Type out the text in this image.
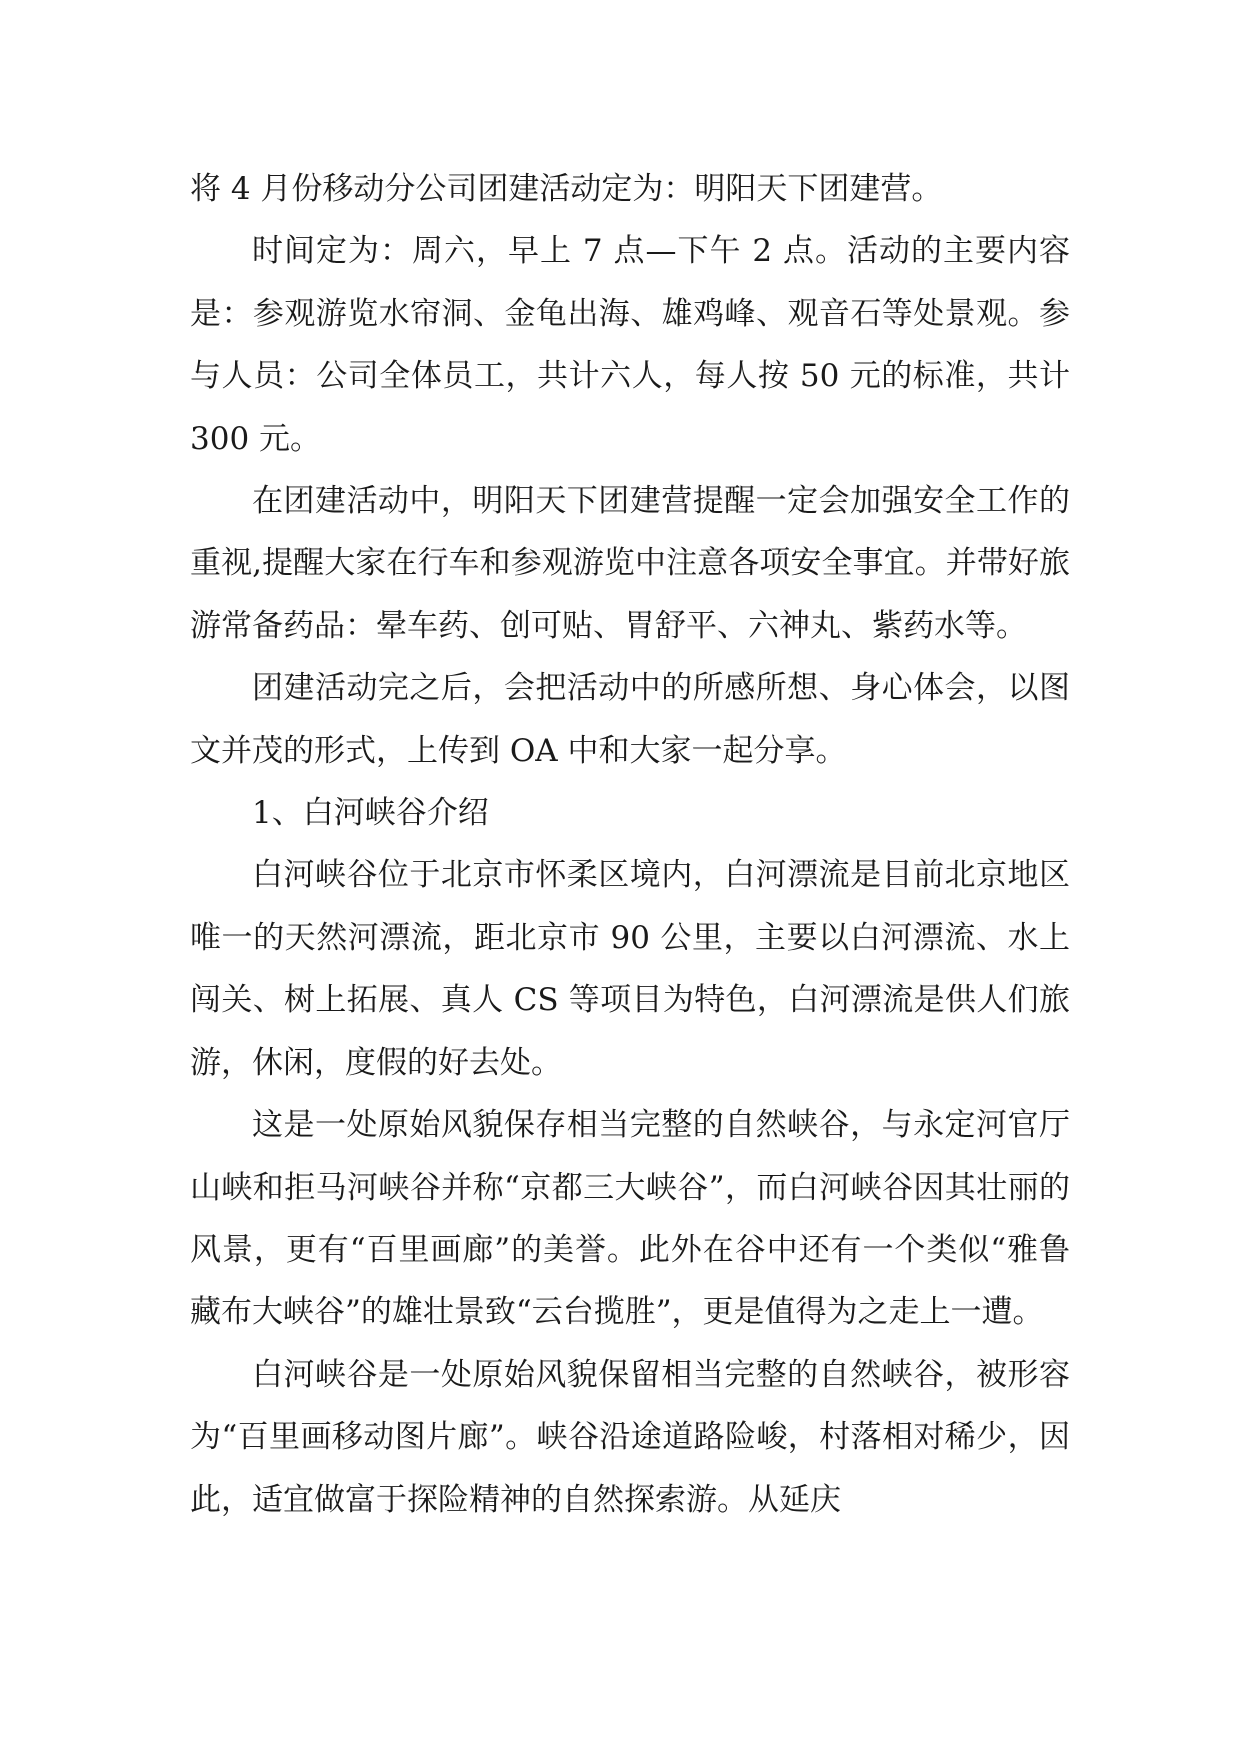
将 4 月份移动分公司团建活动定为：明阳天下团建营。

时间定为：周六，早上 7 点—下午 2 点。活动的主要内容是：参观游览水帘洞、金龟出海、雄鸡峰、观音石等处景观。参与人员：公司全体员工，共计六人，每人按 50 元的标准，共计 300 元。

在团建活动中，明阳天下团建营提醒一定会加强安全工作的重视,提醒大家在行车和参观游览中注意各项安全事宜。并带好旅游常备药品：晕车药、创可贴、胃舒平、六神丸、紫药水等。

团建活动完之后，会把活动中的所感所想、身心体会，以图文并茂的形式，上传到 OA 中和大家一起分享。

1、白河峡谷介绍

白河峡谷位于北京市怀柔区境内，白河漂流是目前北京地区唯一的天然河漂流，距北京市 90 公里，主要以白河漂流、水上闯关、树上拓展、真人 CS 等项目为特色，白河漂流是供人们旅游，休闲，度假的好去处。

这是一处原始风貌保存相当完整的自然峡谷，与永定河官厅山峡和拒马河峡谷并称“京都三大峡谷”，而白河峡谷因其壮丽的风景，更有“百里画廊”的美誉。此外在谷中还有一个类似“雅鲁藏布大峡谷”的雄壮景致“云台揽胜”，更是值得为之走上一遭。

白河峡谷是一处原始风貌保留相当完整的自然峡谷，被形容为“百里画移动图片廊”。峡谷沿途道路险峻，村落相对稀少，因此，适宜做富于探险精神的自然探索游。从延庆
